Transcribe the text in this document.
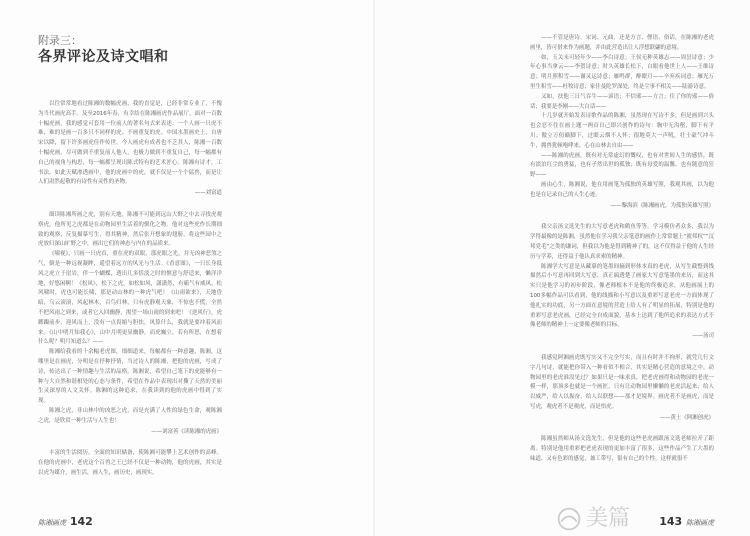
附录三：
各界评论及诗文唱和

以往常常地看过陈湘的数幅虎画，我的直觉是，已经非常专业了，不愧为当代画虎高手。及至2016年春，有幸结在陈湘画虎作品展厅，面对一百数十幅虎画，我的感觉可套用一位前人的著名句式来表述：一个人画一只虎不难，难的是画一百多只不同样的虎。不画重复的虎。中国水墨画史上，自唐宋以降，留下许多画虎佳作传世，今人画虎有成者也不乏其人，陈湘一百数十幅虎画，尽可做到不重复前人他人，也极力做到不重复自己，每一幅都有自己的视角与构思，每一幅都呈现出陈式特有的艺术匠心。陈湘有诗才，工书法，如此天赋渗透画中，他的虎画中的虎，就不仅是一个个猛兽，而是让人们肃然起敬的有诗性有灵性的圣物。

——刘富道

细读陈湘所画之虎，别有天地。陈湘不可能到远山大野之中去寻找虎观察虎，他所见之虎都是在动物园里生活着的驯化之物。他对这些虎作长期细致的观察，反复描摹写生，得其精神，然后张开想象的翅膀，将这些园中之虎放归深山旷野之中，画出它们的神态与内在的品质来。

《啸视》，只画一只虎首，重在虎的双眼，那虎眼之光，并无凶神恶煞之气，倒是一种远视凝眸，遥望着远方的风光与生活。《香意图》，一只长身抵风之虎立于崖岩，伴一个蝴蝶，透出几多恬淡之时的惬意与舒适来，懒洋洋地，好悠闲啊！《松风》，松下之虎，如松如风，潇潇然，有霸气有威风，松风啸时，虎也可能长啸，那是动山林的一种虎气吧！《山雨欲来》，天地昏暗，乌云滚滚，风起林木，百鸟归林，只有虎静观天象，不惊也不慌，全然不把风雨之到来，或者它入回幽静，渴望一场山雨的到来吧！《逆风行》，虎踯躅前步，迎风而上，没有一点畏缩与胆怯，风算什么，我就是要冲着风而来。《山中明月知我心》，山中月明更显幽静，而虎巍立，若有所思，在想着什么呢？明月知道么？——

陈湘给我看的十余幅老虎图，细细道来，每幅都有一种意趣，陈湘，这哪里是在画虎，分明是在抒种抒情，当过诗人的陈湘，把他的虎画，写成了诗，传达出了一种情趣与生活的品格。陈湘说，希望自己笔下的虎能够有一种与大自然和谐相处的心态与条件，希望在作品中表现出对撕了天然的美丽生灵深厚的人文关怀。陈湘的这种追求，在我读到的他的虎画中得到了实现。

陈湘之虎，非山林中的凶恶之虎，而是充满了人性的绿色生命，观陈湘之虎，是欣赏一种生活与人生也！

——刘富善《读陈湘的虎画》

丰富的生活阅历，全面的知识储备，使陈湘可能攀上艺术创作的高峰。在他的虎画中，老虎这个百兽之王已经不仅是一种动物，他的虎画，其实是以虎为媒介，画生活，画人生，画历史，画现实。

陈湘画虎 142

——不管是唐诗、宋词、元曲、还是方言、俚语、俗话，在陈湘的老虎画里，皆可借来作为画题，并由此营造出让人浮想联翩的意境。

如，玉关未可轻年少——李白诗意；王侯无种英雄志——周昙诗意；少年心事当拿云——李贺诗意；时久英雄长松下，白眼看他世上人——王维诗意；明月照积雪——谢灵运诗意；雁鸣群，醉眠月——辛弃疾词意；雁光万里生积雪——杜牧诗意；家住曼陀罗深处，终是尘事不相关——陆游诗意。

又如，扶他三日气吞牛——谚语；不信邪——方言；往了你的邪——俗话；我要是李刚——大白话——

十几岁就开始发表诗歌作品的陈湘，虽然现在写诗不多，但是画到兴头也会忍不住在画上题一两首自己即兴创作的诗句：胸中无沟壑，脚下有平川；傲立万仞巅脚下，过眼云烟不入怀；很地莫大一声吼，壮士豪气冲斗牛，拥兽犹顿咆哮来，心在山林去自由——

——陈湘的虎画，既有对无常虚幻的慨叹，也有对世间人生的感悟，既有淡泊红尘的勇猛，也有孑然出世的孤独；既有母爱的温馨，也有随意的狂野——

画由心生，陈湘说，他在用画笔为孤独的英雄写照，我观其画，以为他也是在记录自己的人生心迹。

——黎海滨《陈湘画虎，为孤独英雄写照》

我父亲汤文选先生的大写意老虎和鹤鱼等等，学习模仿者众多，我以为学得最像的是陈湘，虽然他在学习我父亲笔意的画作上常常题上“就邦权”“汉邦党毛”之类的谦词，但我以为他是得到精神了的，这不仅得益于他的人生经历与学养，还得益于他认真求索的精神。

陈湘学大写意是从藏摹的笔墨间摘到形体本真的老虎，从写生截整到线描然后小写意再回到大写意，真正搞透楚了画家大写意笔墨的来历，而这其实只是他学习的初步阶段，像老师根本不是他的终极追求，从他画展上的100多幅作品可以看到，他的线描和小写意以及重彩写意老虎一方面体现了他扎实的功底，另一方面在意境的营造上给人有了明显的拓展，特别是他的重彩写意老虎画，已经完全自成面貌，基本上达到了他所追求的表达方式不像老师的精神上一定要像老师的目标。

——汤司

我感觉阿湘画虎既写实又不完全写实，而且有时并不拘形，就凭几行文字几句诗，就能把你带入一种看似不相合，其实是精心营造的意境之中。动物园里的老虎谁没见过？如果只是一味求真，把老虎画得和动物园的老虎一模一样，那顶多也就是一个画匠。只有让动物园里懒懒的老虎活起来，给人以威严，给人以振奋，给人以联想——那才是境界。画虎者不是画虎，而是写虎，观虎者不是观虎，而是悟虎。

——黄土《阿湘创虎》

陈湘虽然师从汤文选先生，但是他的这些老虎画跟汤文选老师拉开了距离。特别是他用重彩把老虎表现的更加丰富了很多，这些作品产生了大墨的味道、又有色彩的感觉，兼工带写，很有自己的个性，这样就很不

143 陈湘画虎
美篇
